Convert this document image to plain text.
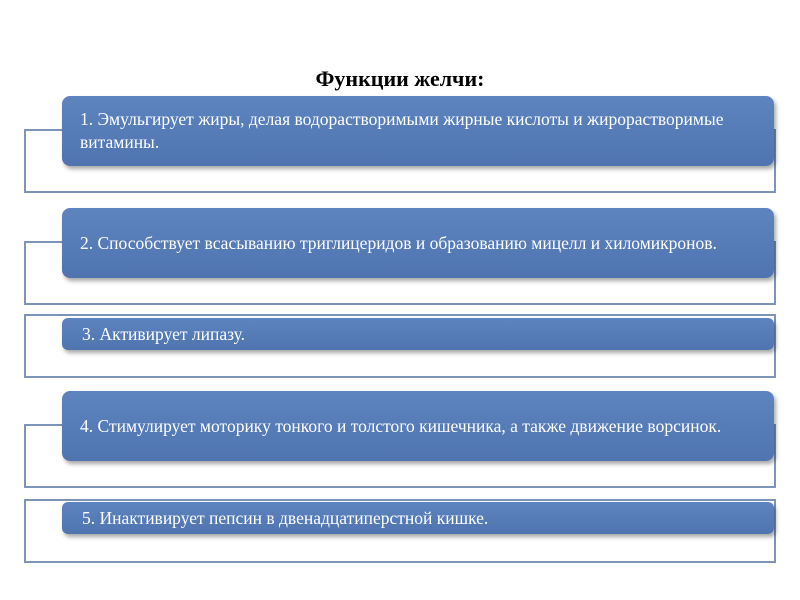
Функции желчи:
1. Эмульгирует жиры, делая водорастворимыми жирные кислоты и жирорастворимые витамины.
2. Способствует всасыванию триглицеридов и образованию мицелл и хиломикронов.
3. Активирует липазу.
4. Стимулирует моторику тонкого и толстого кишечника, а также движение ворсинок.
5. Инактивирует пепсин в двенадцатиперстной кишке.
